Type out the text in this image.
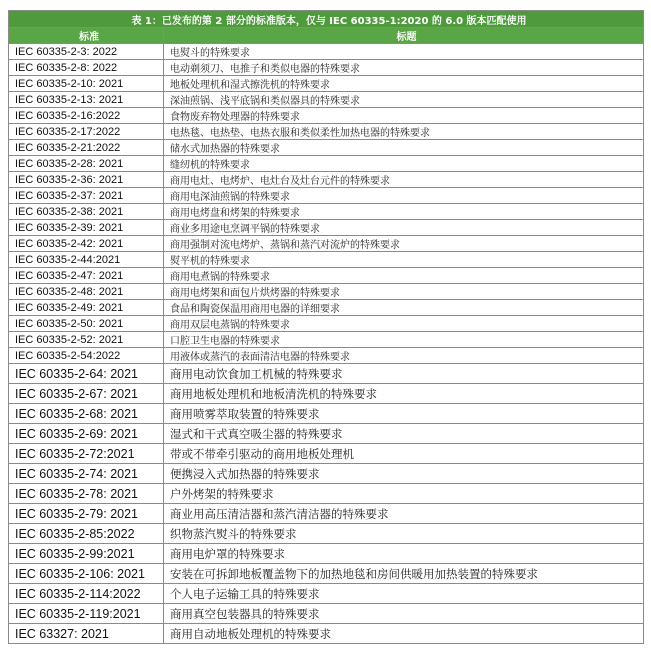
表 1：已发布的第 2 部分的标准版本，仅与 IEC 60335-1:2020 的 6.0 版本匹配使用	
标准	标题
IEC 60335-2-3: 2022	电熨斗的特殊要求
IEC 60335-2-8: 2022	电动剃须刀、电推子和类似电器的特殊要求
IEC 60335-2-10: 2021	地板处理机和湿式擦洗机的特殊要求
IEC 60335-2-13: 2021	深油煎锅、浅平底锅和类似器具的特殊要求
IEC 60335-2-16:2022	食物废弃物处理器的特殊要求
IEC 60335-2-17:2022	电热毯、电热垫、电热衣服和类似柔性加热电器的特殊要求
IEC 60335-2-21:2022	储水式加热器的特殊要求
IEC 60335-2-28: 2021	缝纫机的特殊要求
IEC 60335-2-36: 2021	商用电灶、电烤炉、电灶台及灶台元件的特殊要求
IEC 60335-2-37: 2021	商用电深油煎锅的特殊要求
IEC 60335-2-38: 2021	商用电烤盘和烤架的特殊要求
IEC 60335-2-39: 2021	商业多用途电烹调平锅的特殊要求
IEC 60335-2-42: 2021	商用强制对流电烤炉、蒸锅和蒸汽对流炉的特殊要求
IEC 60335-2-44:2021	熨平机的特殊要求
IEC 60335-2-47: 2021	商用电煮锅的特殊要求
IEC 60335-2-48: 2021	商用电烤架和面包片烘烤器的特殊要求
IEC 60335-2-49: 2021	食品和陶瓷保温用商用电器的详细要求
IEC 60335-2-50: 2021	商用双层电蒸锅的特殊要求
IEC 60335-2-52: 2021	口腔卫生电器的特殊要求
IEC 60335-2-54:2022	用液体或蒸汽的表面清洁电器的特殊要求
IEC 60335-2-64: 2021	商用电动饮食加工机械的特殊要求
IEC 60335-2-67: 2021	商用地板处理机和地板清洗机的特殊要求
IEC 60335-2-68: 2021	商用喷雾萃取装置的特殊要求
IEC 60335-2-69: 2021	湿式和干式真空吸尘器的特殊要求
IEC 60335-2-72:2021	带或不带牵引驱动的商用地板处理机
IEC 60335-2-74: 2021	便携浸入式加热器的特殊要求
IEC 60335-2-78: 2021	户外烤架的特殊要求
IEC 60335-2-79: 2021	商业用高压清洁器和蒸汽清洁器的特殊要求
IEC 60335-2-85:2022	织物蒸汽熨斗的特殊要求
IEC 60335-2-99:2021	商用电炉罩的特殊要求
IEC 60335-2-106: 2021	安装在可拆卸地板覆盖物下的加热地毯和房间供暖用加热装置的特殊要求
IEC 60335-2-114:2022	个人电子运输工具的特殊要求
IEC 60335-2-119:2021	商用真空包装器具的特殊要求
IEC 63327: 2021	商用自动地板处理机的特殊要求
